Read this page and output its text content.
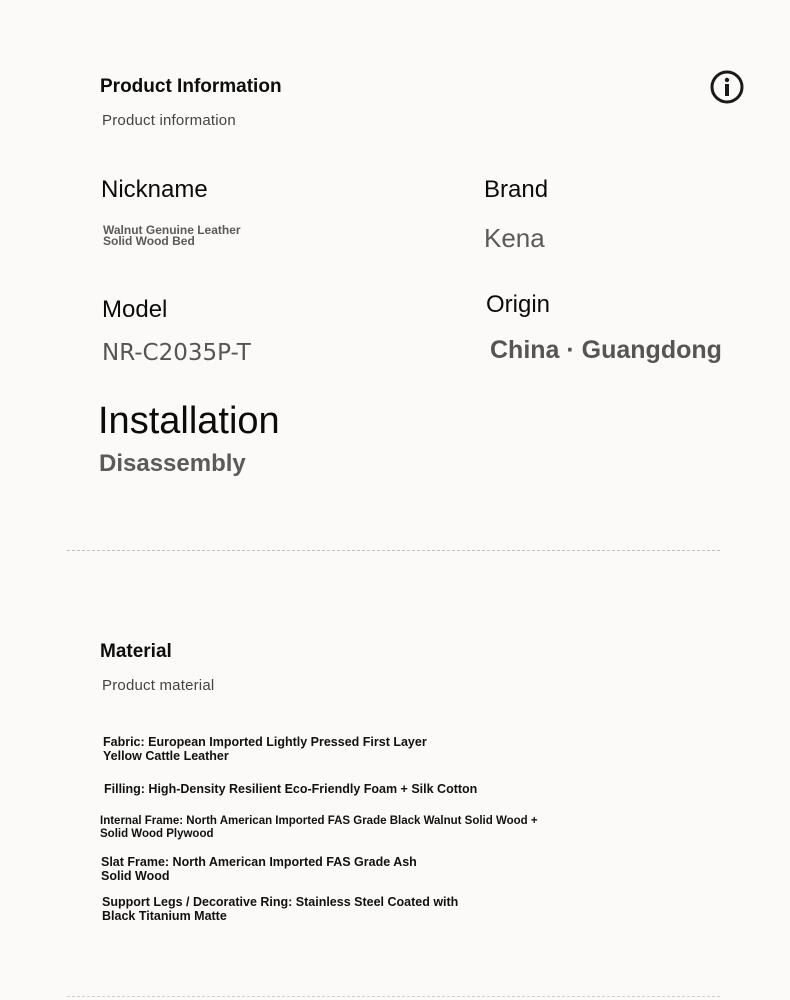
Product Information
Product information
Nickname
Walnut Genuine Leather
Solid Wood Bed
Brand
Kena
Model
NR-C2035P-T
Origin
China · Guangdong
Installation
Disassembly
Material
Product material
Fabric: European Imported Lightly Pressed First Layer
Yellow Cattle Leather
Filling: High-Density Resilient Eco-Friendly Foam + Silk Cotton
Internal Frame: North American Imported FAS Grade Black Walnut Solid Wood +
Solid Wood Plywood
Slat Frame: North American Imported FAS Grade Ash
Solid Wood
Support Legs / Decorative Ring: Stainless Steel Coated with
Black Titanium Matte
